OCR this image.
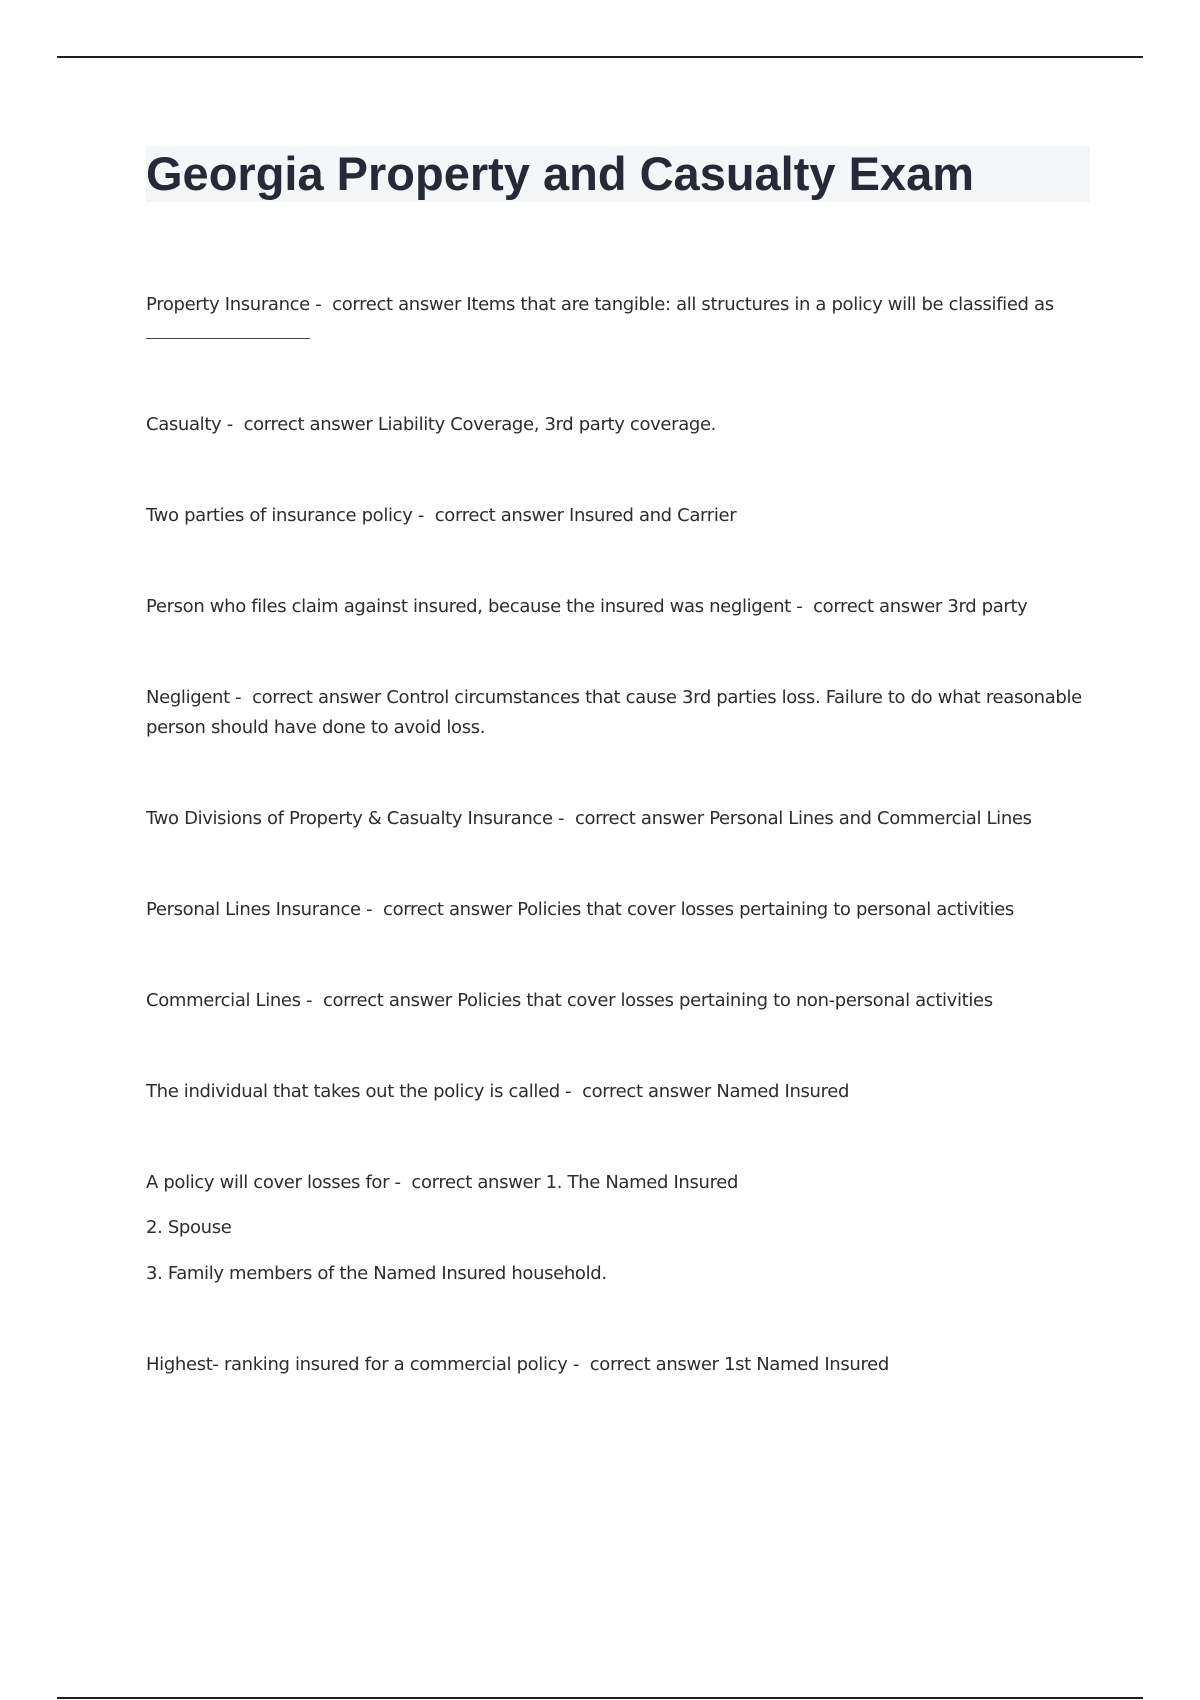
Georgia Property and Casualty Exam

Property Insurance -  correct answer Items that are tangible: all structures in a policy will be classified as

Casualty -  correct answer Liability Coverage, 3rd party coverage.

Two parties of insurance policy -  correct answer Insured and Carrier

Person who files claim against insured, because the insured was negligent -  correct answer 3rd party

Negligent -  correct answer Control circumstances that cause 3rd parties loss. Failure to do what reasonable person should have done to avoid loss.

Two Divisions of Property & Casualty Insurance -  correct answer Personal Lines and Commercial Lines

Personal Lines Insurance -  correct answer Policies that cover losses pertaining to personal activities

Commercial Lines -  correct answer Policies that cover losses pertaining to non-personal activities

The individual that takes out the policy is called -  correct answer Named Insured

A policy will cover losses for -  correct answer 1. The Named Insured

2. Spouse

3. Family members of the Named Insured household.

Highest- ranking insured for a commercial policy -  correct answer 1st Named Insured
